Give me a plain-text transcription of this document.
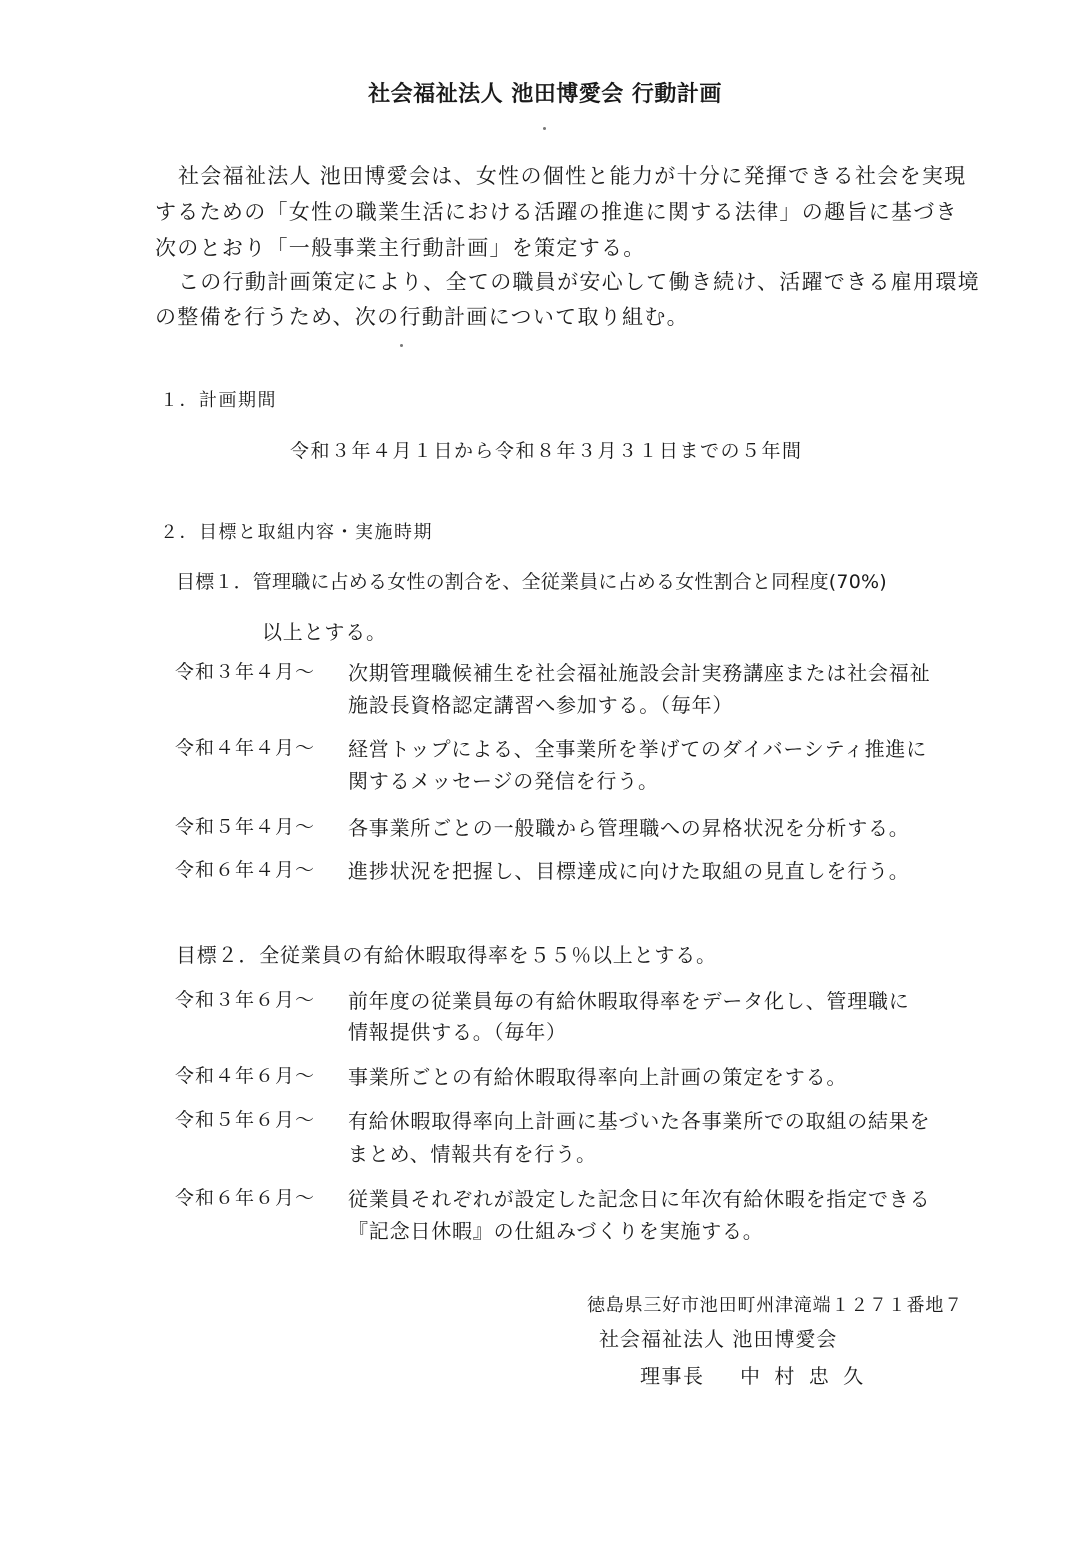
社会福祉法人 池田博愛会 行動計画

社会福祉法人 池田博愛会は、女性の個性と能力が十分に発揮できる社会を実現

するための「女性の職業生活における活躍の推進に関する法律」の趣旨に基づき

次のとおり「一般事業主行動計画」を策定する。

この行動計画策定により、全ての職員が安心して働き続け、活躍できる雇用環境

の整備を行うため、次の行動計画について取り組む。

１．計画期間

令和３年４月１日から令和８年３月３１日までの５年間

２．目標と取組内容・実施時期

目標１．管理職に占める女性の割合を、全従業員に占める女性割合と同程度(70%)

以上とする。

令和３年４月～ 次期管理職候補生を社会福祉施設会計実務講座または社会福祉

施設長資格認定講習へ参加する。（毎年）

令和４年４月～ 経営トップによる、全事業所を挙げてのダイバーシティ推進に

関するメッセージの発信を行う。

令和５年４月～ 各事業所ごとの一般職から管理職への昇格状況を分析する。

令和６年４月～ 進捗状況を把握し、目標達成に向けた取組の見直しを行う。

目標２．全従業員の有給休暇取得率を５５％以上とする。

令和３年６月～ 前年度の従業員毎の有給休暇取得率をデータ化し、管理職に

情報提供する。（毎年）

令和４年６月～ 事業所ごとの有給休暇取得率向上計画の策定をする。

令和５年６月～ 有給休暇取得率向上計画に基づいた各事業所での取組の結果を

まとめ、情報共有を行う。

令和６年６月～ 従業員それぞれが設定した記念日に年次有給休暇を指定できる

『記念日休暇』の仕組みづくりを実施する。

徳島県三好市池田町州津滝端１２７１番地７

社会福祉法人 池田博愛会

理事長 中 村 忠 久
